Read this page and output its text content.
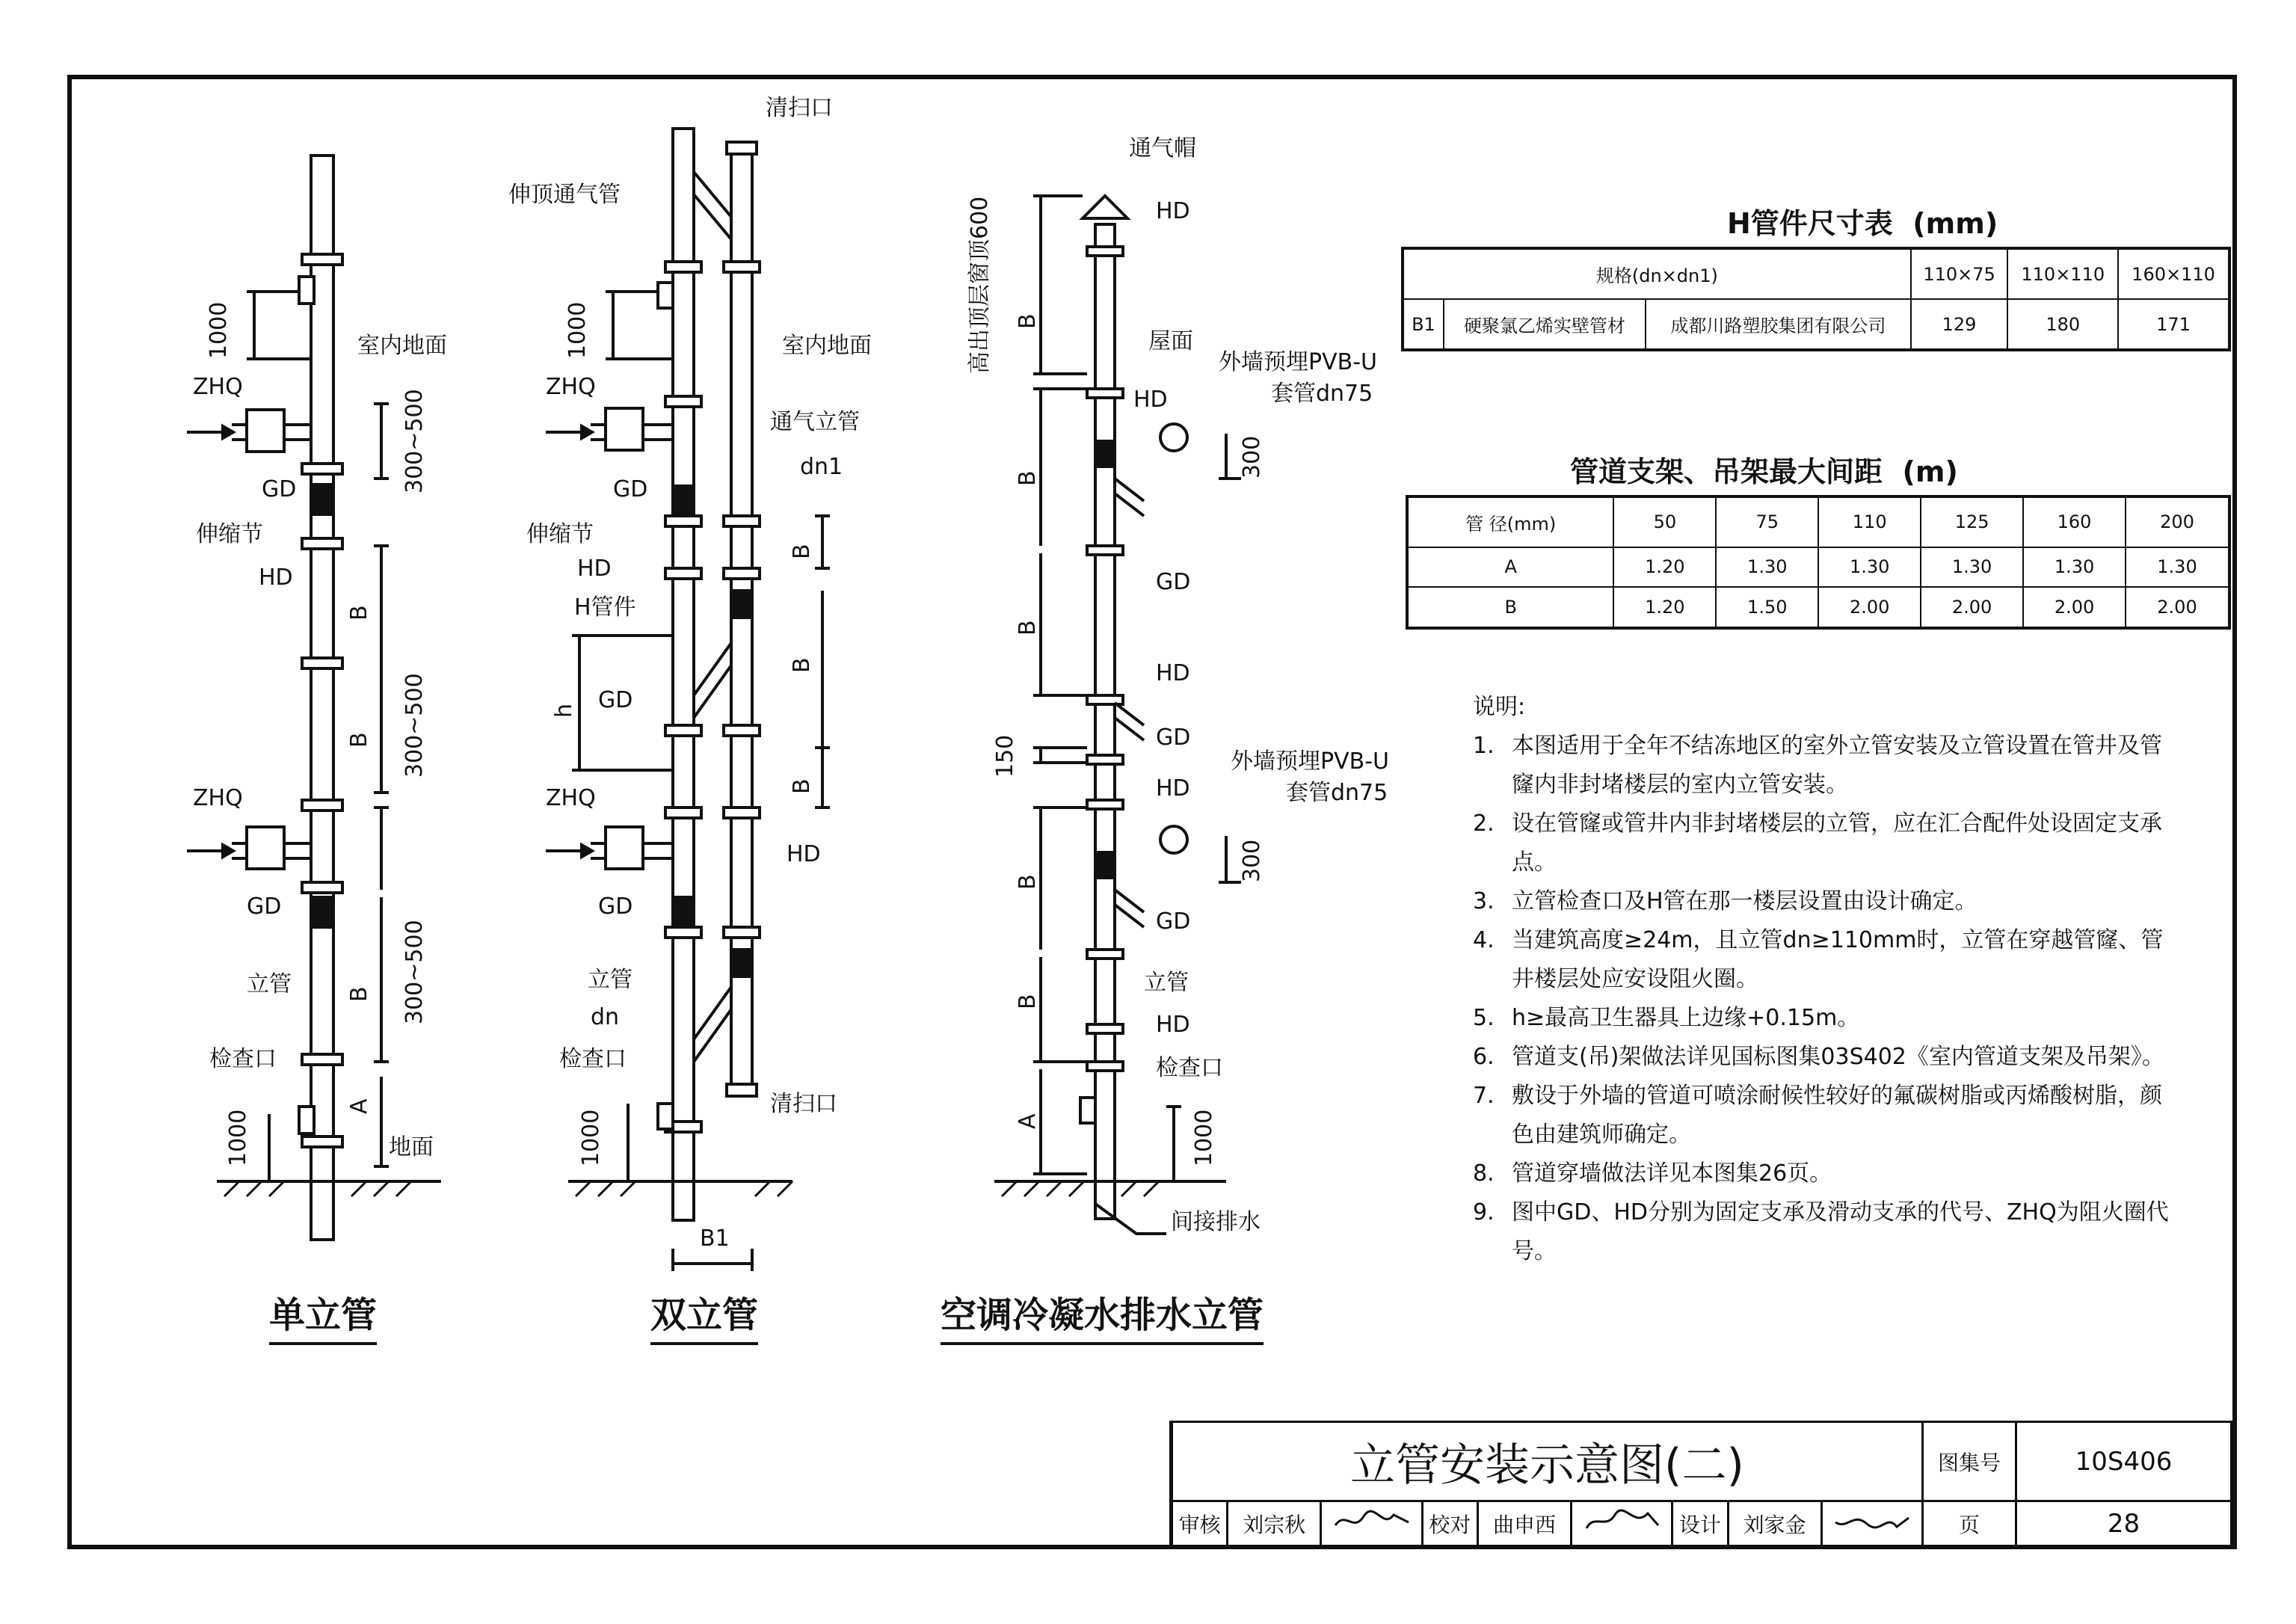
室内地面
1000
300~500
ZHQ
GD
伸缩节
HD
B
B 300~500
ZHQ
GD
300~500
B
立管
检查口
A
1000	地面
单立管
清扫口
伸顶通气管
1000	室内地面
ZHQ
通气立管
dn1
GD
伸缩节
HD
B
H管件
B
h GD
B
HD
ZHQ
GD
立管
dn
检查口
清扫口
1000
B1
双立管
通气帽
高出顶层窗顶600	HD
B
屋面
外墙预埋PVB-U
套管dn75
HD
300
B
GD
B
HD
GD
150	外墙预埋PVB-U
套管dn75
HD
300
B
GD
立管
B
HD
检查口
A	1000
间接排水
空调冷凝水排水立管
H管件尺寸表 (mm)
规格(dn×dn1)			110×75	110×110	160×110
B1	硬聚氯乙烯实壁管材	成都川路塑胶集团有限公司	129	180	171
管道支架、吊架最大间距 (m)
管 径(mm)	50	75	110	125	160	200
A	1.20	1.30	1.30	1.30	1.30	1.30
B	1.20	1.50	2.00	2.00	2.00	2.00

说明:

1. 本图适用于全年不结冻地区的室外立管安装及立管设置在管井及管窿内非封堵楼层的室内立管安装。
2. 设在管窿或管井内非封堵楼层的立管，应在汇合配件处设固定支承点。
3. 立管检查口及H管在那一楼层设置由设计确定。
4. 当建筑高度≥24m，且立管dn≥110mm时，立管在穿越管窿、管井楼层处应安设阻火圈。
5. h≥最高卫生器具上边缘+0.15m。
6. 管道支(吊)架做法详见国标图集03S402《室内管道支架及吊架》。
7. 敷设于外墙的管道可喷涂耐候性较好的氟碳树脂或丙烯酸树脂，颜色由建筑师确定。
8. 管道穿墙做法详见本图集26页。
9. 图中GD、HD分别为固定支承及滑动支承的代号、ZHQ为阻火圈代号。
立管安装示意图(二)									图集号	10S406
审核	刘宗秋		校对	曲申西		设计	刘家金		页	28
